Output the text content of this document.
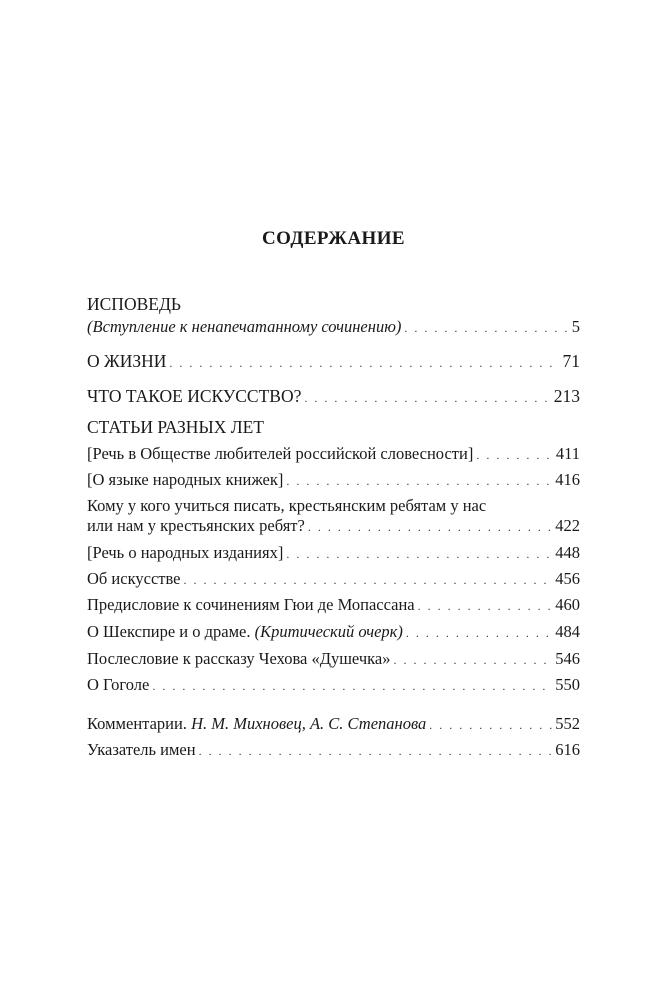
СОДЕРЖАНИЕ
ИСПОВЕДЬ
(Вступление к ненапечатанному сочинению) . . .	5
О ЖИЗНИ . . .	71
ЧТО ТАКОЕ ИСКУССТВО? . . .	213
СТАТЬИ РАЗНЫХ ЛЕТ
[Речь в Обществе любителей российской словесности] . . .	411
[О языке народных книжек] . . .	416
Кому у кого учиться писать, крестьянским ребятам у нас
или нам у крестьянских ребят? . . .	422
[Речь о народных изданиях] . . .	448
Об искусстве . . .	456
Предисловие к сочинениям Гюи де Мопассана . . .	460
О Шекспире и о драме. (Критический очерк) . . .	484
Послесловие к рассказу Чехова «Душечка» . . .	546
О Гоголе . . .	550
Комментарии. Н. М. Михновец, А. С. Степанова . . .	552
Указатель имен . . .	616
